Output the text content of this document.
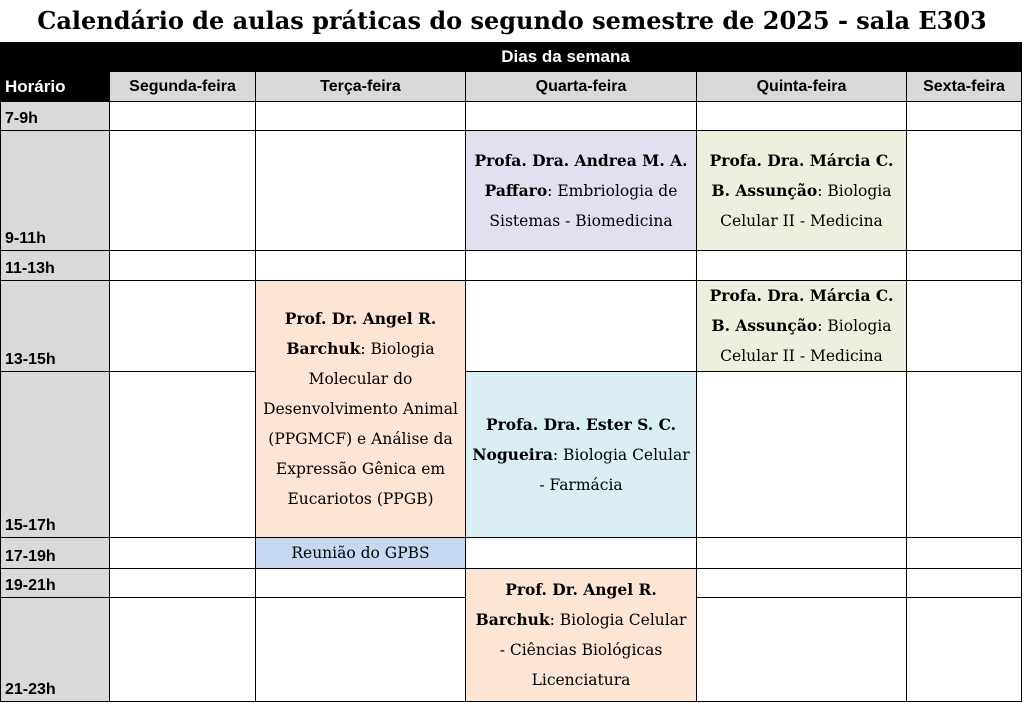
Calendário de aulas práticas do segundo semestre de 2025 - sala E303
Horário	Dias da semana				
	Segunda-feira	Terça-feira	Quarta-feira	Quinta-feira	Sexta-feira
7-9h					
9-11h			Profa. Dra. Andrea M. A. Paffaro: Embriologia de Sistemas - Biomedicina	Profa. Dra. Márcia C. B. Assunção: Biologia Celular II - Medicina	

11-13h					
13-15h		Prof. Dr. Angel R. Barchuk: Biologia Molecular do Desenvolvimento Animal (PPGMCF) e Análise da Expressão Gênica em Eucariotos (PPGB)		Profa. Dra. Márcia C. B. Assunção: Biologia Celular II - Medicina	

15-17h			Profa. Dra. Ester S. C. Nogueira: Biologia Celular - Farmácia		

17-19h		Reunião do GPBS			
19-21h			Prof. Dr. Angel R. Barchuk: Biologia Celular - Ciências Biológicas Licenciatura		

21-23h					
